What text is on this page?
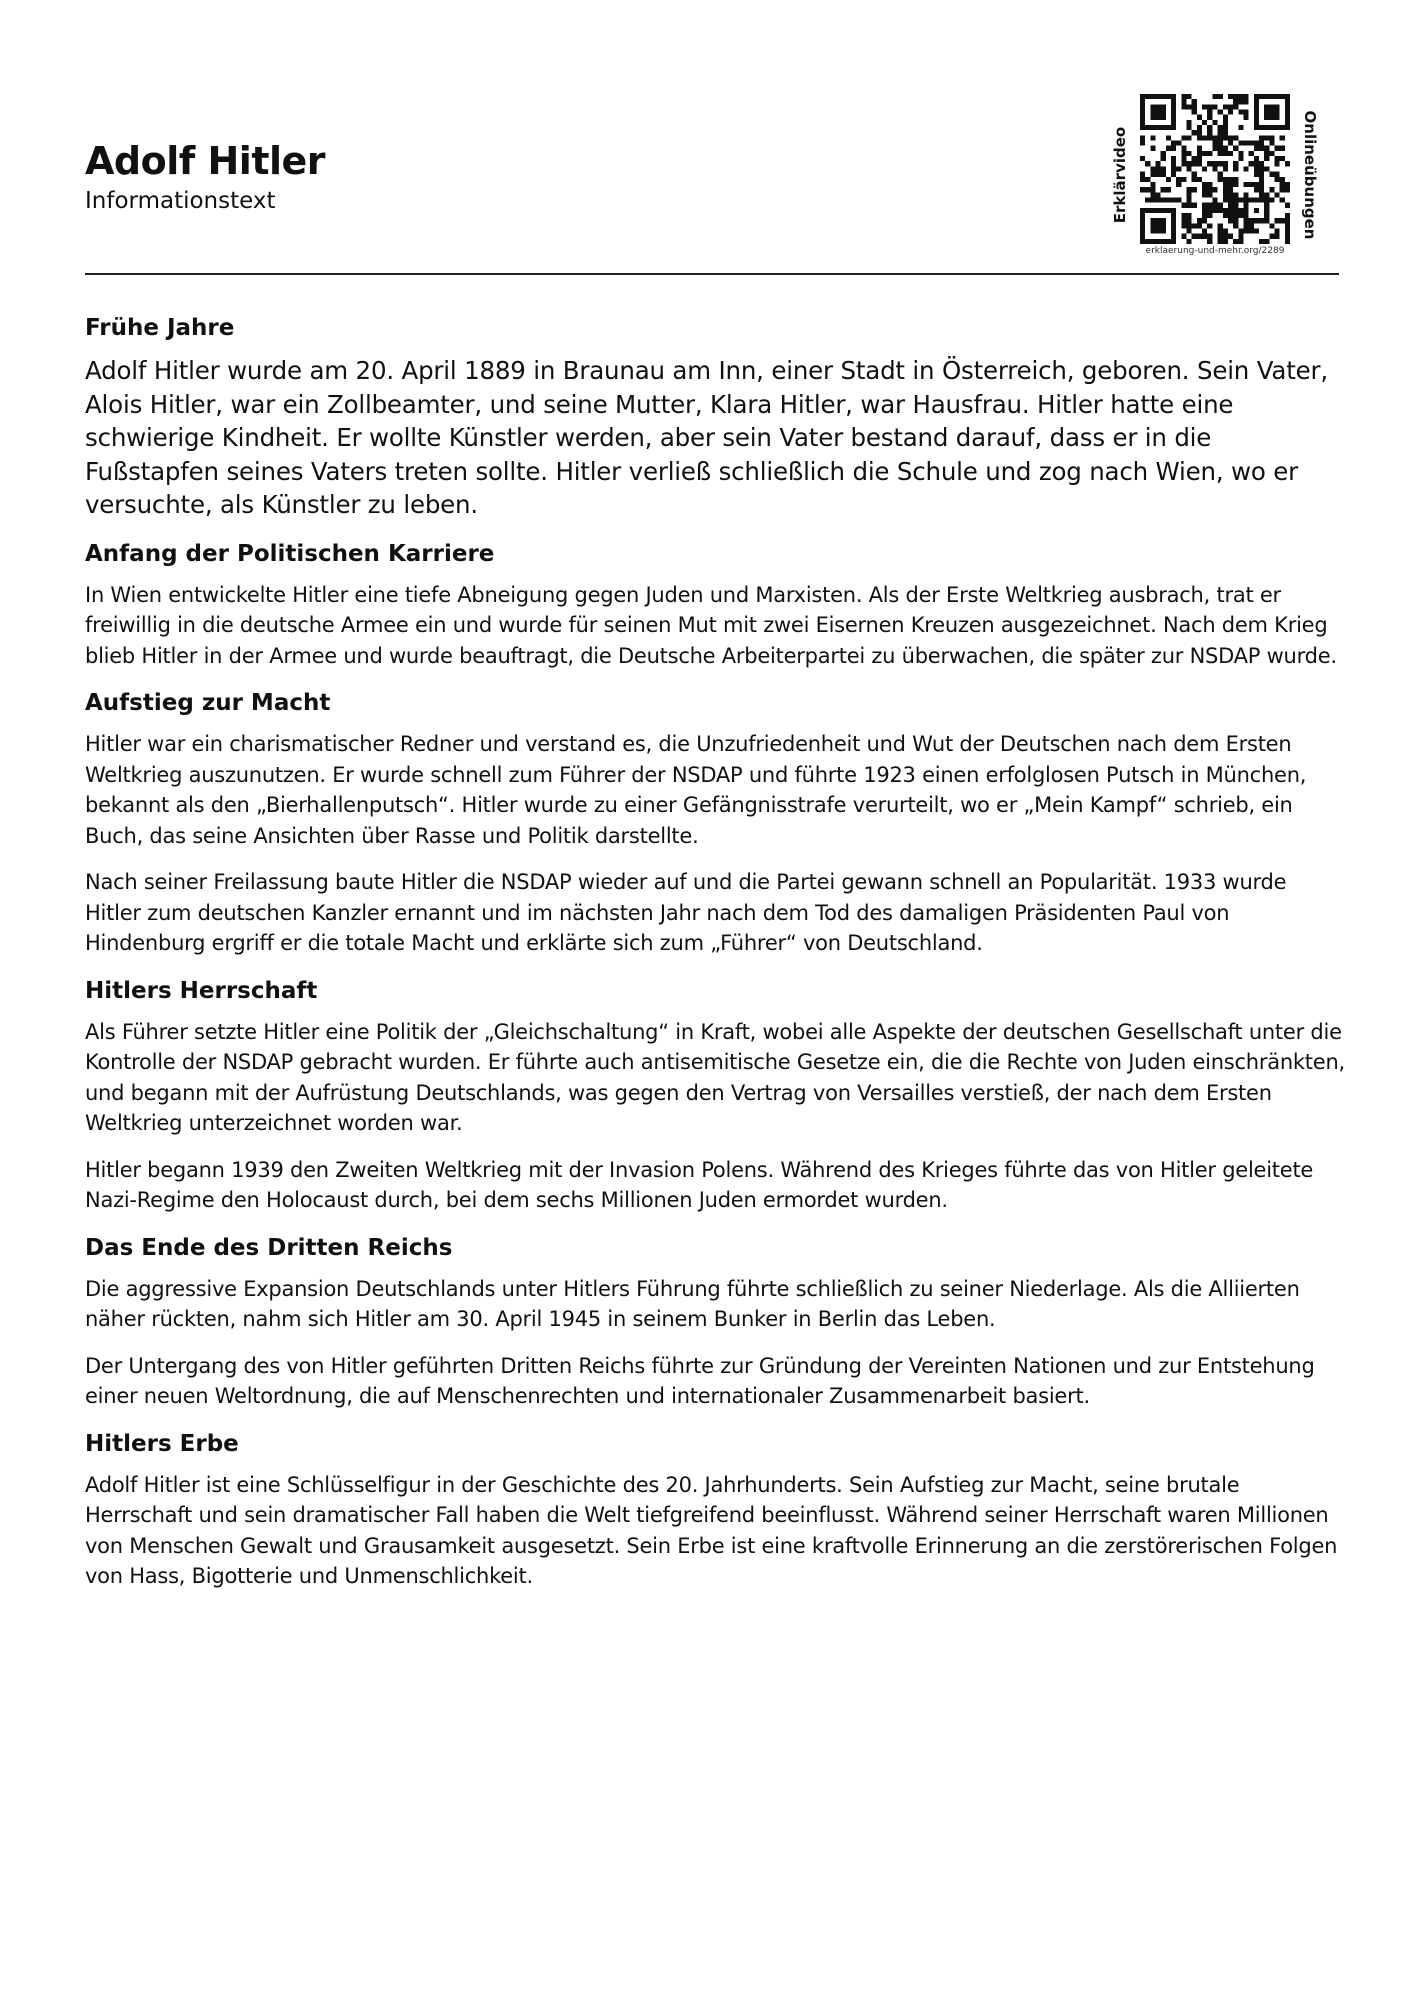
Adolf Hitler
Informationstext	Erklärvideo	Onlineübungen
erklaerung-und-mehr.org/2289
Frühe Jahre

Adolf Hitler wurde am 20. April 1889 in Braunau am Inn, einer Stadt in Österreich, geboren. Sein Vater, Alois Hitler, war ein Zollbeamter, und seine Mutter, Klara Hitler, war Hausfrau. Hitler hatte eine schwierige Kindheit. Er wollte Künstler werden, aber sein Vater bestand darauf, dass er in die Fußstapfen seines Vaters treten sollte. Hitler verließ schließlich die Schule und zog nach Wien, wo er versuchte, als Künstler zu leben.

Anfang der Politischen Karriere

In Wien entwickelte Hitler eine tiefe Abneigung gegen Juden und Marxisten. Als der Erste Weltkrieg ausbrach, trat er freiwillig in die deutsche Armee ein und wurde für seinen Mut mit zwei Eisernen Kreuzen ausgezeichnet. Nach dem Krieg blieb Hitler in der Armee und wurde beauftragt, die Deutsche Arbeiterpartei zu überwachen, die später zur NSDAP wurde.

Aufstieg zur Macht

Hitler war ein charismatischer Redner und verstand es, die Unzufriedenheit und Wut der Deutschen nach dem Ersten Weltkrieg auszunutzen. Er wurde schnell zum Führer der NSDAP und führte 1923 einen erfolglosen Putsch in München, bekannt als den „Bierhallenputsch“. Hitler wurde zu einer Gefängnisstrafe verurteilt, wo er „Mein Kampf“ schrieb, ein Buch, das seine Ansichten über Rasse und Politik darstellte.

Nach seiner Freilassung baute Hitler die NSDAP wieder auf und die Partei gewann schnell an Popularität. 1933 wurde Hitler zum deutschen Kanzler ernannt und im nächsten Jahr nach dem Tod des damaligen Präsidenten Paul von Hindenburg ergriff er die totale Macht und erklärte sich zum „Führer“ von Deutschland.

Hitlers Herrschaft

Als Führer setzte Hitler eine Politik der „Gleichschaltung“ in Kraft, wobei alle Aspekte der deutschen Gesellschaft unter die Kontrolle der NSDAP gebracht wurden. Er führte auch antisemitische Gesetze ein, die die Rechte von Juden einschränkten, und begann mit der Aufrüstung Deutschlands, was gegen den Vertrag von Versailles verstieß, der nach dem Ersten Weltkrieg unterzeichnet worden war.

Hitler begann 1939 den Zweiten Weltkrieg mit der Invasion Polens. Während des Krieges führte das von Hitler geleitete Nazi-Regime den Holocaust durch, bei dem sechs Millionen Juden ermordet wurden.

Das Ende des Dritten Reichs

Die aggressive Expansion Deutschlands unter Hitlers Führung führte schließlich zu seiner Niederlage. Als die Alliierten näher rückten, nahm sich Hitler am 30. April 1945 in seinem Bunker in Berlin das Leben.

Der Untergang des von Hitler geführten Dritten Reichs führte zur Gründung der Vereinten Nationen und zur Entstehung einer neuen Weltordnung, die auf Menschenrechten und internationaler Zusammenarbeit basiert.

Hitlers Erbe

Adolf Hitler ist eine Schlüsselfigur in der Geschichte des 20. Jahrhunderts. Sein Aufstieg zur Macht, seine brutale Herrschaft und sein dramatischer Fall haben die Welt tiefgreifend beeinflusst. Während seiner Herrschaft waren Millionen von Menschen Gewalt und Grausamkeit ausgesetzt. Sein Erbe ist eine kraftvolle Erinnerung an die zerstörerischen Folgen von Hass, Bigotterie und Unmenschlichkeit.
